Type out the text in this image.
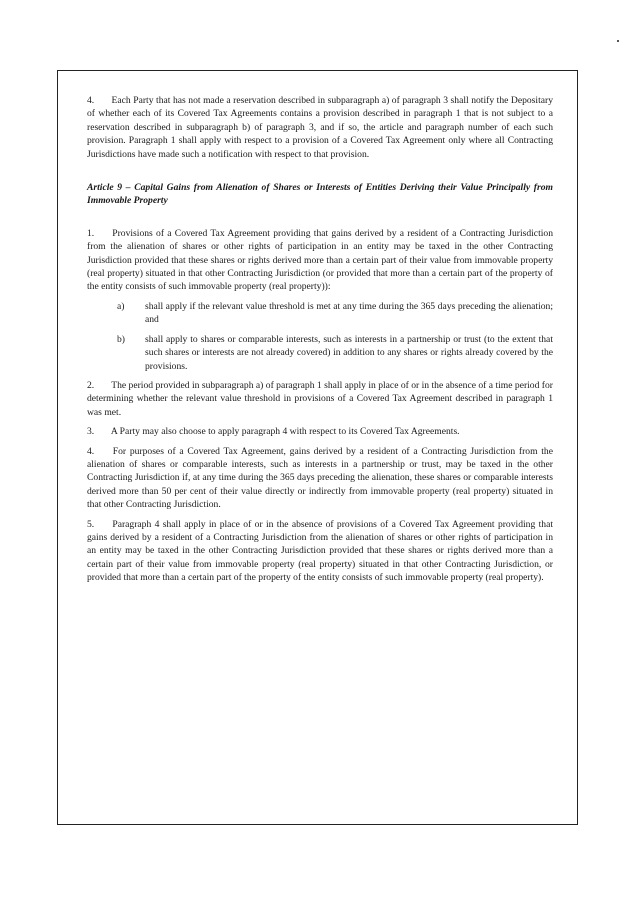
4. Each Party that has not made a reservation described in subparagraph a) of paragraph 3 shall notify the Depositary of whether each of its Covered Tax Agreements contains a provision described in paragraph 1 that is not subject to a reservation described in subparagraph b) of paragraph 3, and if so, the article and paragraph number of each such provision. Paragraph 1 shall apply with respect to a provision of a Covered Tax Agreement only where all Contracting Jurisdictions have made such a notification with respect to that provision.

Article 9 – Capital Gains from Alienation of Shares or Interests of Entities Deriving their Value Principally from Immovable Property

1. Provisions of a Covered Tax Agreement providing that gains derived by a resident of a Contracting Jurisdiction from the alienation of shares or other rights of participation in an entity may be taxed in the other Contracting Jurisdiction provided that these shares or rights derived more than a certain part of their value from immovable property (real property) situated in that other Contracting Jurisdiction (or provided that more than a certain part of the property of the entity consists of such immovable property (real property)):

a) shall apply if the relevant value threshold is met at any time during the 365 days preceding the alienation; and
b) shall apply to shares or comparable interests, such as interests in a partnership or trust (to the extent that such shares or interests are not already covered) in addition to any shares or rights already covered by the provisions.

2. The period provided in subparagraph a) of paragraph 1 shall apply in place of or in the absence of a time period for determining whether the relevant value threshold in provisions of a Covered Tax Agreement described in paragraph 1 was met.

3. A Party may also choose to apply paragraph 4 with respect to its Covered Tax Agreements.

4. For purposes of a Covered Tax Agreement, gains derived by a resident of a Contracting Jurisdiction from the alienation of shares or comparable interests, such as interests in a partnership or trust, may be taxed in the other Contracting Jurisdiction if, at any time during the 365 days preceding the alienation, these shares or comparable interests derived more than 50 per cent of their value directly or indirectly from immovable property (real property) situated in that other Contracting Jurisdiction.

5. Paragraph 4 shall apply in place of or in the absence of provisions of a Covered Tax Agreement providing that gains derived by a resident of a Contracting Jurisdiction from the alienation of shares or other rights of participation in an entity may be taxed in the other Contracting Jurisdiction provided that these shares or rights derived more than a certain part of their value from immovable property (real property) situated in that other Contracting Jurisdiction, or provided that more than a certain part of the property of the entity consists of such immovable property (real property).
